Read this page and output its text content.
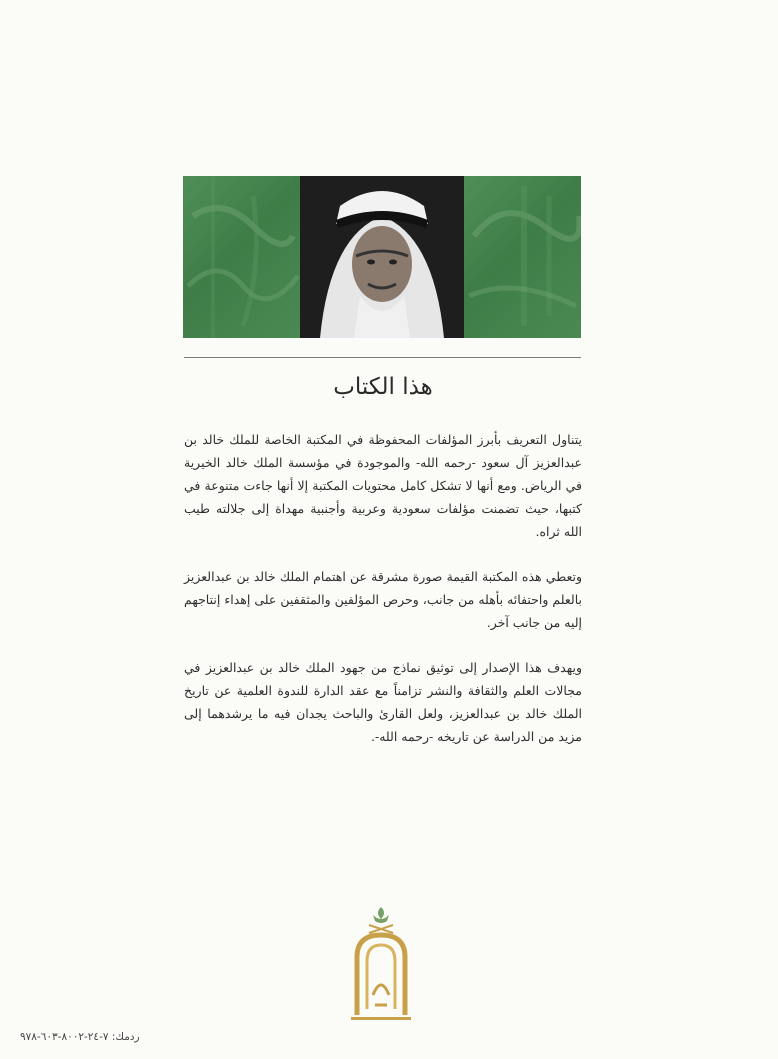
هذا الكتاب

يتناول التعريف بأبرز المؤلفات المحفوظة في المكتبة الخاصة للملك خالد بن عبدالعزيز آل سعود -رحمه الله- والموجودة في مؤسسة الملك خالد الخيرية في الرياض. ومع أنها لا تشكل كامل محتويات المكتبة إلا أنها جاءت متنوعة في كتبها، حيث تضمنت مؤلفات سعودية وعربية وأجنبية مهداة إلى جلالته طيب الله ثراه.

وتعطي هذه المكتبة القيمة صورة مشرقة عن اهتمام الملك خالد بن عبدالعزيز بالعلم واحتفائه بأهله من جانب، وحرص المؤلفين والمثقفين على إهداء إنتاجهم إليه من جانب آخر.

ويهدف هذا الإصدار إلى توثيق نماذج من جهود الملك خالد بن عبدالعزيز في مجالات العلم والثقافة والنشر تزامناً مع عقد الدارة للندوة العلمية عن تاريخ الملك خالد بن عبدالعزيز، ولعل القارئ والباحث يجدان فيه ما يرشدهما إلى مزيد من الدراسة عن تاريخه -رحمه الله-.

ردمك: ٧-٢٤-٨٠٠٢-٦٠٣-٩٧٨
